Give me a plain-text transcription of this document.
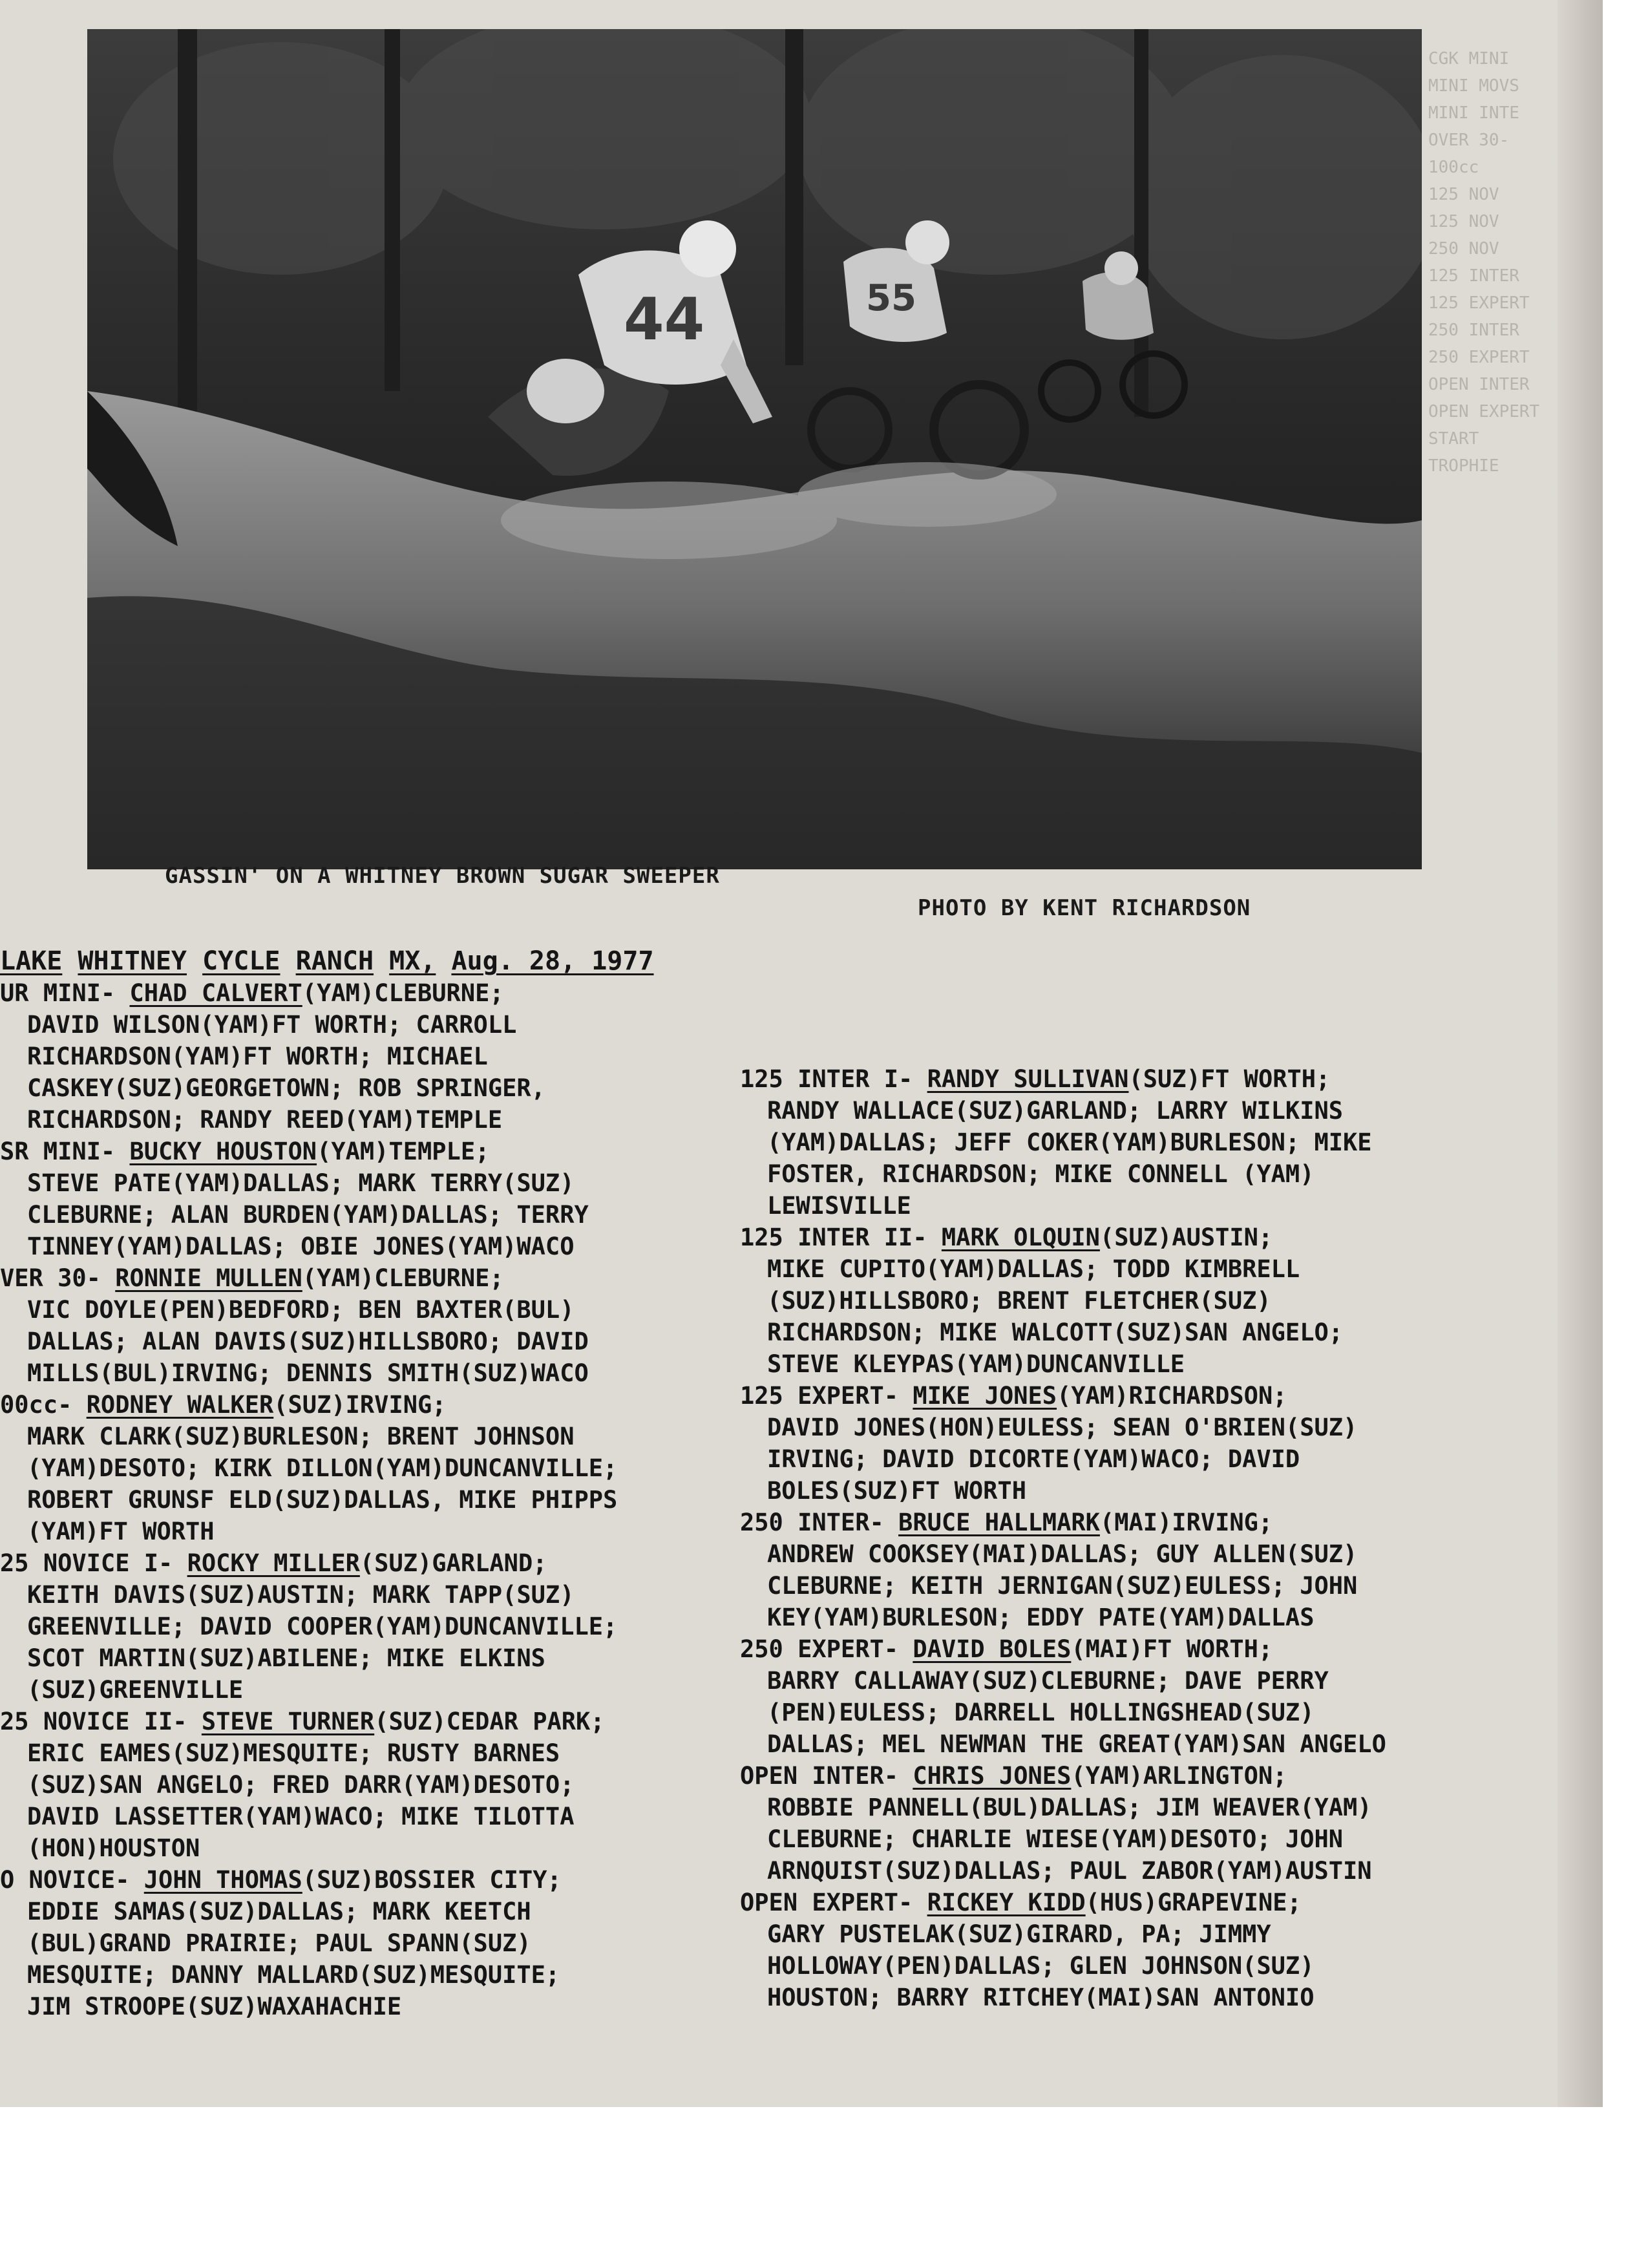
44	55
GASSIN' ON A WHITNEY BROWN SUGAR SWEEPER
PHOTO BY KENT RICHARDSON
CGK MINI
MINI MOVS
MINI INTE
OVER 30-
100cc
125 NOV
125 NOV
250 NOV
125 INTER
125 EXPERT
250 INTER
250 EXPERT
OPEN INTER
OPEN EXPERT
START
TROPHIE
LAKE WHITNEY CYCLE RANCH MX, Aug. 28, 1977
UR MINI- CHAD CALVERT(YAM)CLEBURNE;
DAVID WILSON(YAM)FT WORTH; CARROLL
RICHARDSON(YAM)FT WORTH; MICHAEL
CASKEY(SUZ)GEORGETOWN; ROB SPRINGER,
RICHARDSON; RANDY REED(YAM)TEMPLE
SR MINI- BUCKY HOUSTON(YAM)TEMPLE;
STEVE PATE(YAM)DALLAS; MARK TERRY(SUZ)
CLEBURNE; ALAN BURDEN(YAM)DALLAS; TERRY
TINNEY(YAM)DALLAS; OBIE JONES(YAM)WACO
VER 30- RONNIE MULLEN(YAM)CLEBURNE;
VIC DOYLE(PEN)BEDFORD; BEN BAXTER(BUL)
DALLAS; ALAN DAVIS(SUZ)HILLSBORO; DAVID
MILLS(BUL)IRVING; DENNIS SMITH(SUZ)WACO
00cc- RODNEY WALKER(SUZ)IRVING;
MARK CLARK(SUZ)BURLESON; BRENT JOHNSON
(YAM)DESOTO; KIRK DILLON(YAM)DUNCANVILLE;
ROBERT GRUNSF ELD(SUZ)DALLAS, MIKE PHIPPS
(YAM)FT WORTH
25 NOVICE I- ROCKY MILLER(SUZ)GARLAND;
KEITH DAVIS(SUZ)AUSTIN; MARK TAPP(SUZ)
GREENVILLE; DAVID COOPER(YAM)DUNCANVILLE;
SCOT MARTIN(SUZ)ABILENE; MIKE ELKINS
(SUZ)GREENVILLE
25 NOVICE II- STEVE TURNER(SUZ)CEDAR PARK;
ERIC EAMES(SUZ)MESQUITE; RUSTY BARNES
(SUZ)SAN ANGELO; FRED DARR(YAM)DESOTO;
DAVID LASSETTER(YAM)WACO; MIKE TILOTTA
(HON)HOUSTON
O NOVICE- JOHN THOMAS(SUZ)BOSSIER CITY;
EDDIE SAMAS(SUZ)DALLAS; MARK KEETCH
(BUL)GRAND PRAIRIE; PAUL SPANN(SUZ)
MESQUITE; DANNY MALLARD(SUZ)MESQUITE;
JIM STROOPE(SUZ)WAXAHACHIE
125 INTER I- RANDY SULLIVAN(SUZ)FT WORTH;
RANDY WALLACE(SUZ)GARLAND; LARRY WILKINS
(YAM)DALLAS; JEFF COKER(YAM)BURLESON; MIKE
FOSTER, RICHARDSON; MIKE CONNELL (YAM)
LEWISVILLE
125 INTER II- MARK OLQUIN(SUZ)AUSTIN;
MIKE CUPITO(YAM)DALLAS; TODD KIMBRELL
(SUZ)HILLSBORO; BRENT FLETCHER(SUZ)
RICHARDSON; MIKE WALCOTT(SUZ)SAN ANGELO;
STEVE KLEYPAS(YAM)DUNCANVILLE
125 EXPERT- MIKE JONES(YAM)RICHARDSON;
DAVID JONES(HON)EULESS; SEAN O'BRIEN(SUZ)
IRVING; DAVID DICORTE(YAM)WACO; DAVID
BOLES(SUZ)FT WORTH
250 INTER- BRUCE HALLMARK(MAI)IRVING;
ANDREW COOKSEY(MAI)DALLAS; GUY ALLEN(SUZ)
CLEBURNE; KEITH JERNIGAN(SUZ)EULESS; JOHN
KEY(YAM)BURLESON; EDDY PATE(YAM)DALLAS
250 EXPERT- DAVID BOLES(MAI)FT WORTH;
BARRY CALLAWAY(SUZ)CLEBURNE; DAVE PERRY
(PEN)EULESS; DARRELL HOLLINGSHEAD(SUZ)
DALLAS; MEL NEWMAN THE GREAT(YAM)SAN ANGELO
OPEN INTER- CHRIS JONES(YAM)ARLINGTON;
ROBBIE PANNELL(BUL)DALLAS; JIM WEAVER(YAM)
CLEBURNE; CHARLIE WIESE(YAM)DESOTO; JOHN
ARNQUIST(SUZ)DALLAS; PAUL ZABOR(YAM)AUSTIN
OPEN EXPERT- RICKEY KIDD(HUS)GRAPEVINE;
GARY PUSTELAK(SUZ)GIRARD, PA; JIMMY
HOLLOWAY(PEN)DALLAS; GLEN JOHNSON(SUZ)
HOUSTON; BARRY RITCHEY(MAI)SAN ANTONIO
